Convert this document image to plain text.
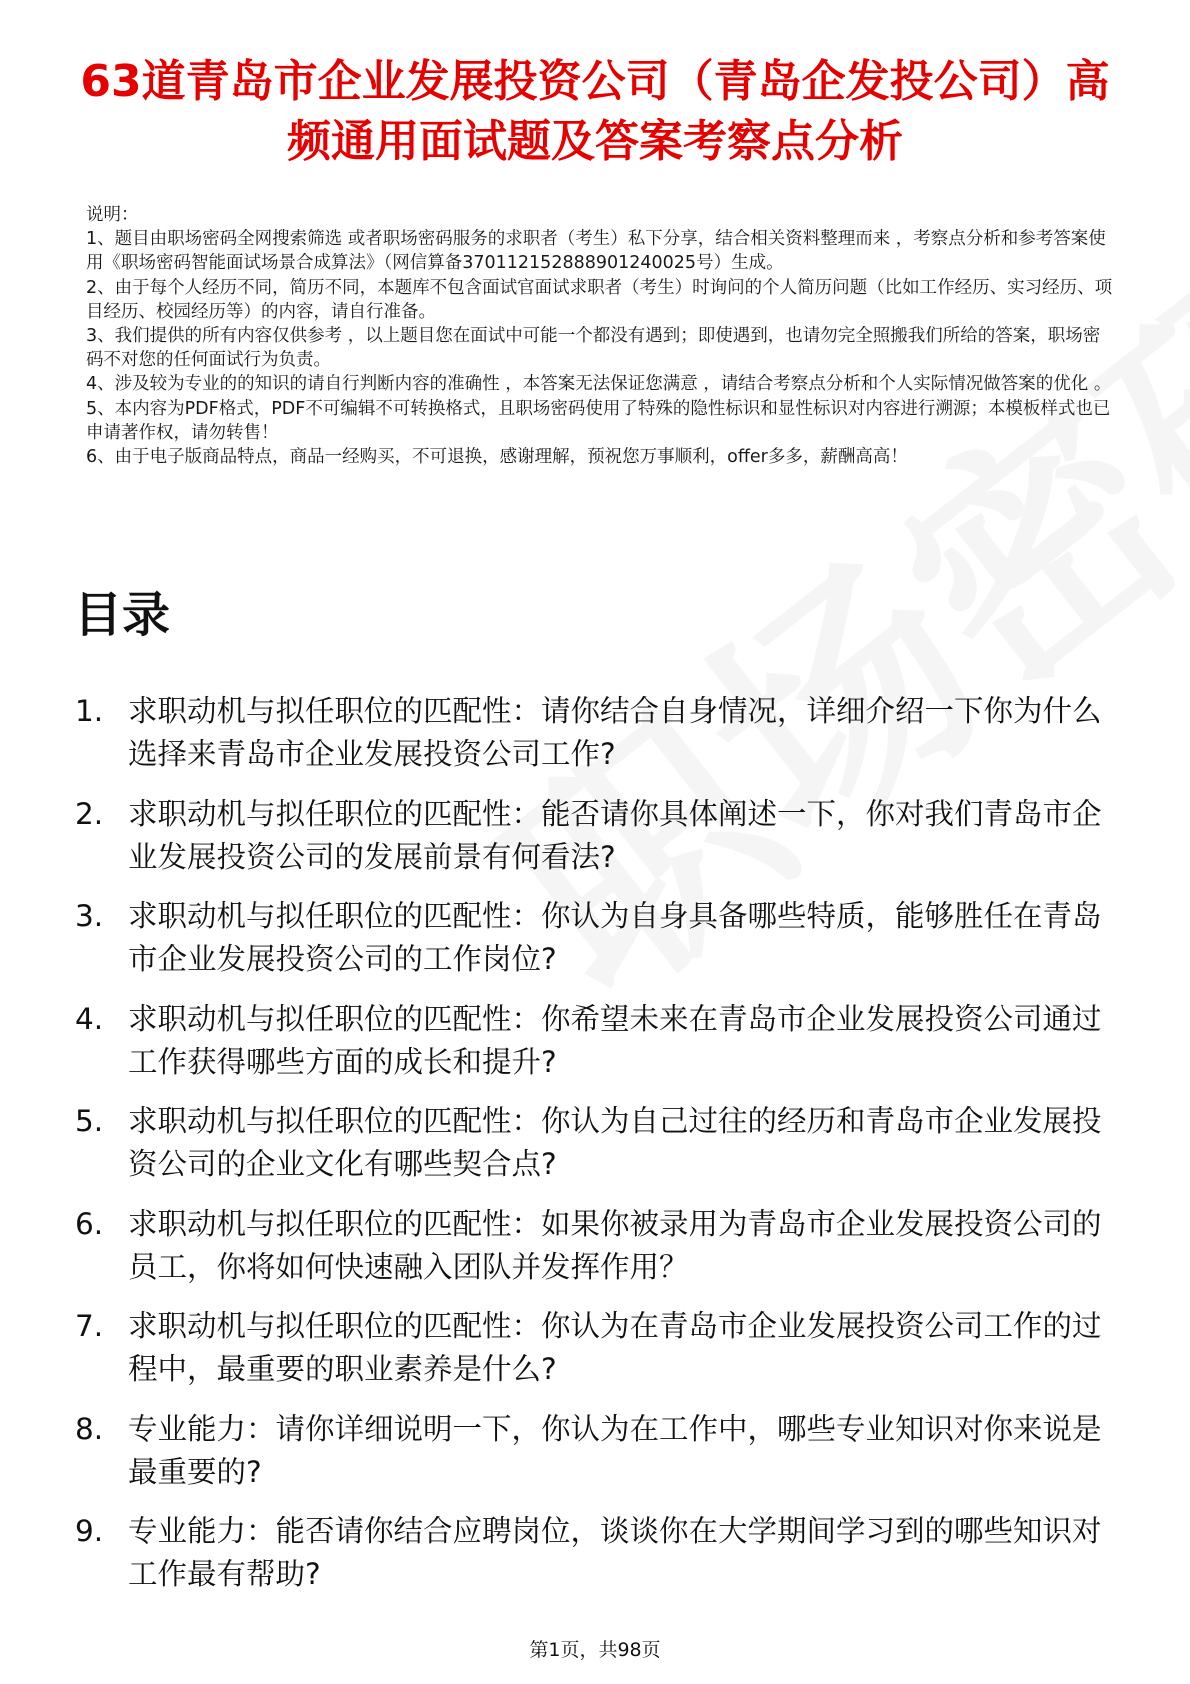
63道青岛市企业发展投资公司（青岛企发投公司）高频通用面试题及答案考察点分析

说明：

1、题目由职场密码全网搜索筛选 或者职场密码服务的求职者（考生）私下分享，结合相关资料整理而来 ，考察点分析和参考答案使用《职场密码智能面试场景合成算法》（网信算备370112152888901240025号）生成。

2、由于每个人经历不同，简历不同，本题库不包含面试官面试求职者（考生）时询问的个人简历问题（比如工作经历、实习经历、项目经历、校园经历等）的内容，请自行准备。

3、我们提供的所有内容仅供参考 ，以上题目您在面试中可能一个都没有遇到；即使遇到，也请勿完全照搬我们所给的答案，职场密码不对您的任何面试行为负责。

4、涉及较为专业的的知识的请自行判断内容的准确性 ，本答案无法保证您满意 ，请结合考察点分析和个人实际情况做答案的优化 。

5、本内容为PDF格式，PDF不可编辑不可转换格式，且职场密码使用了特殊的隐性标识和显性标识对内容进行溯源；本模板样式也已申请著作权，请勿转售！

6、由于电子版商品特点，商品一经购买，不可退换，感谢理解，预祝您万事顺利，offer多多，薪酬高高！

目录
1. 求职动机与拟任职位的匹配性：请你结合自身情况，详细介绍一下你为什么选择来青岛市企业发展投资公司工作?
2. 求职动机与拟任职位的匹配性：能否请你具体阐述一下，你对我们青岛市企业发展投资公司的发展前景有何看法?
3. 求职动机与拟任职位的匹配性：你认为自身具备哪些特质，能够胜任在青岛市企业发展投资公司的工作岗位?
4. 求职动机与拟任职位的匹配性：你希望未来在青岛市企业发展投资公司通过工作获得哪些方面的成长和提升?
5. 求职动机与拟任职位的匹配性：你认为自己过往的经历和青岛市企业发展投资公司的企业文化有哪些契合点?
6. 求职动机与拟任职位的匹配性：如果你被录用为青岛市企业发展投资公司的员工，你将如何快速融入团队并发挥作用？
7. 求职动机与拟任职位的匹配性：你认为在青岛市企业发展投资公司工作的过程中，最重要的职业素养是什么?
8. 专业能力：请你详细说明一下，你认为在工作中，哪些专业知识对你来说是最重要的?
9. 专业能力：能否请你结合应聘岗位，谈谈你在大学期间学习到的哪些知识对工作最有帮助?
第1页，共98页
